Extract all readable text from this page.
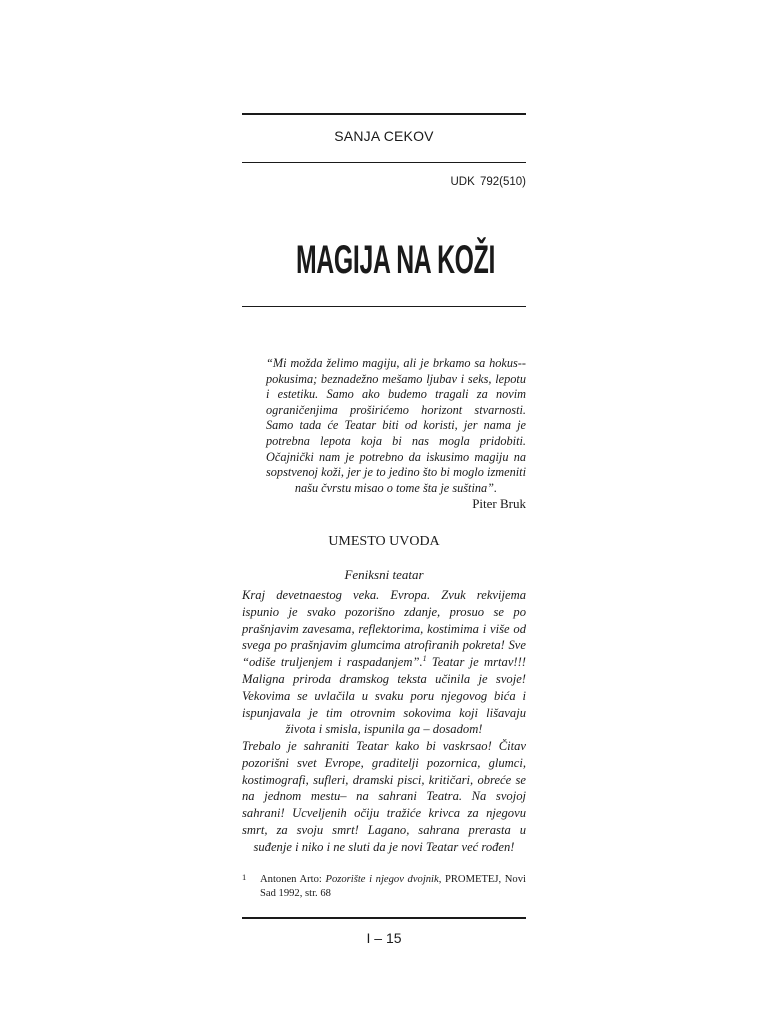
SANJA CEKOV
UDK 792(510)
MAGIJA NA KOŽI
“Mi možda želimo magiju, ali je brkamo sa hokus--pokusima; beznadežno mešamo ljubav i seks, lepotu i estetiku. Samo ako budemo tragali za novim ograničenjima proširićemo horizont stvarnosti. Samo tada će Teatar biti od koristi, jer nama je potrebna lepota koja bi nas mogla pridobiti. Očajnički nam je potrebno da iskusimo magiju na sopstvenoj koži, jer je to jedino što bi moglo izmeniti našu čvrstu misao o tome šta je suština”.
Piter Bruk
UMESTO UVODA
Feniksni teatar

Kraj devetnaestog veka. Evropa. Zvuk rekvijema ispunio je svako pozorišno zdanje, prosuo se po prašnjavim zavesama, reflektorima, kostimima i više od svega po prašnjavim glumcima atrofiranih pokreta! Sve “odiše truljenjem i raspadanjem”.$^1$ Teatar je mrtav!!! Maligna priroda dramskog teksta učinila je svoje! Vekovima se uvlačila u svaku poru njegovog bića i ispunjavala je tim otrovnim sokovima koji lišavaju života i smisla, ispunila ga – dosadom!

Trebalo je sahraniti Teatar kako bi vaskrsao! Čitav pozorišni svet Evrope, graditelji pozornica, glumci, kostimografi, sufleri, dramski pisci, kritičari, obreće se na jednom mestu– na sahrani Teatra. Na svojoj sahrani! Ucveljenih očiju tražiće krivca za njegovu smrt, za svoju smrt! Lagano, sahrana prerasta u suđenje i niko i ne sluti da je novi Teatar već rođen!

1 Antonen Arto: Pozorište i njegov dvojnik, PROMETEJ, Novi Sad 1992, str. 68
I – 15
